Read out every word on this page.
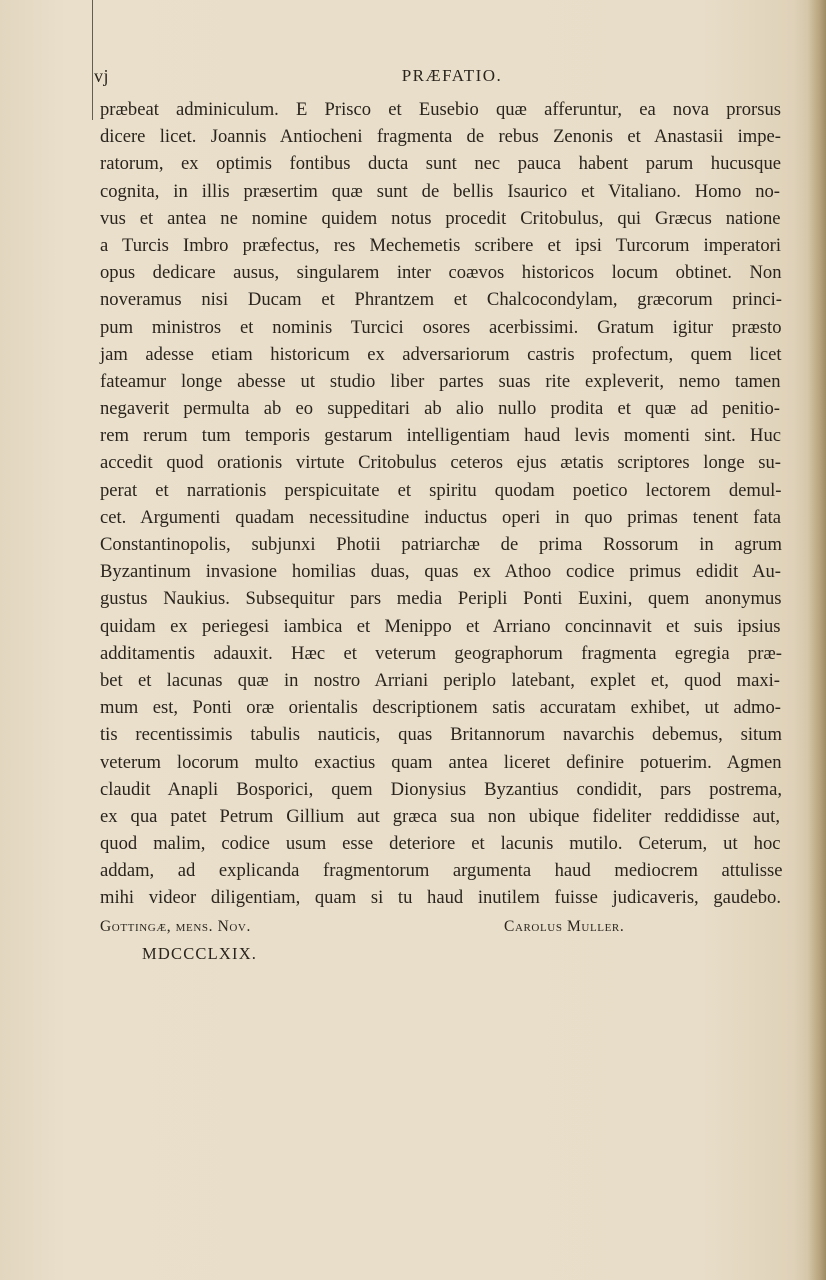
vj	PRÆFATIO.
præbeat adminiculum. E Prisco et Eusebio quæ afferuntur, ea nova prorsus
dicere licet. Joannis Antiocheni fragmenta de rebus Zenonis et Anastasii impe-
ratorum, ex optimis fontibus ducta sunt nec pauca habent parum hucusque
cognita, in illis præsertim quæ sunt de bellis Isaurico et Vitaliano. Homo no-
vus et antea ne nomine quidem notus procedit Critobulus, qui Græcus natione
a Turcis Imbro præfectus, res Mechemetis scribere et ipsi Turcorum imperatori
opus dedicare ausus, singularem inter coævos historicos locum obtinet. Non
noveramus nisi Ducam et Phrantzem et Chalcocondylam, græcorum princi-
pum ministros et nominis Turcici osores acerbissimi. Gratum igitur præsto
jam adesse etiam historicum ex adversariorum castris profectum, quem licet
fateamur longe abesse ut studio liber partes suas rite expleverit, nemo tamen
negaverit permulta ab eo suppeditari ab alio nullo prodita et quæ ad penitio-
rem rerum tum temporis gestarum intelligentiam haud levis momenti sint. Huc
accedit quod orationis virtute Critobulus ceteros ejus ætatis scriptores longe su-
perat et narrationis perspicuitate et spiritu quodam poetico lectorem demul-
cet. Argumenti quadam necessitudine inductus operi in quo primas tenent fata
Constantinopolis, subjunxi Photii patriarchæ de prima Rossorum in agrum
Byzantinum invasione homilias duas, quas ex Athoo codice primus edidit Au-
gustus Naukius. Subsequitur pars media Peripli Ponti Euxini, quem anonymus
quidam ex periegesi iambica et Menippo et Arriano concinnavit et suis ipsius
additamentis adauxit. Hæc et veterum geographorum fragmenta egregia præ-
bet et lacunas quæ in nostro Arriani periplo latebant, explet et, quod maxi-
mum est, Ponti oræ orientalis descriptionem satis accuratam exhibet, ut admo-
tis recentissimis tabulis nauticis, quas Britannorum navarchis debemus, situm
veterum locorum multo exactius quam antea liceret definire potuerim. Agmen
claudit Anapli Bosporici, quem Dionysius Byzantius condidit, pars postrema,
ex qua patet Petrum Gillium aut græca sua non ubique fideliter reddidisse aut,
quod malim, codice usum esse deteriore et lacunis mutilo. Ceterum, ut hoc
addam, ad explicanda fragmentorum argumenta haud mediocrem attulisse
mihi videor diligentiam, quam si tu haud inutilem fuisse judicaveris, gaudebo.
Gottingæ, mens. Nov.	Carolus Muller.
MDCCCLXIX.
